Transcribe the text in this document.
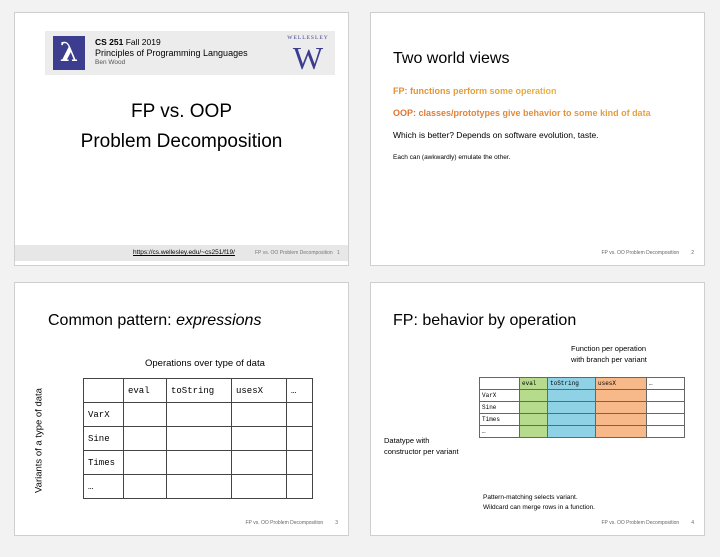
λ	CS 251 Fall 2019
Principles of Programming Languages
Ben Wood
WELLESLEY
W
FP vs. OOP
Problem Decomposition
https://cs.wellesley.edu/~cs251/f19/	FP vs. OO Problem Decomposition 1
Two world views
FP: functions perform some operation
OOP: classes/prototypes give behavior to some kind of data
Which is better? Depends on software evolution, taste.
Each can (awkwardly) emulate the other.
FP vs. OO Problem Decomposition 2
Common pattern: expressions
Operations over type of data
Variants of a type of data
		eval	toString	usesX	…
VarX				
Sine				
Times				
…				
FP vs. OO Problem Decomposition 3
FP: behavior by operation
Function per operation
with branch per variant
	eval	toString	usesX	…
VarX				
Sine				
Times				
…				
Datatype with
constructor per variant
Pattern-matching selects variant.
Wildcard can merge rows in a function.
FP vs. OO Problem Decomposition 4
